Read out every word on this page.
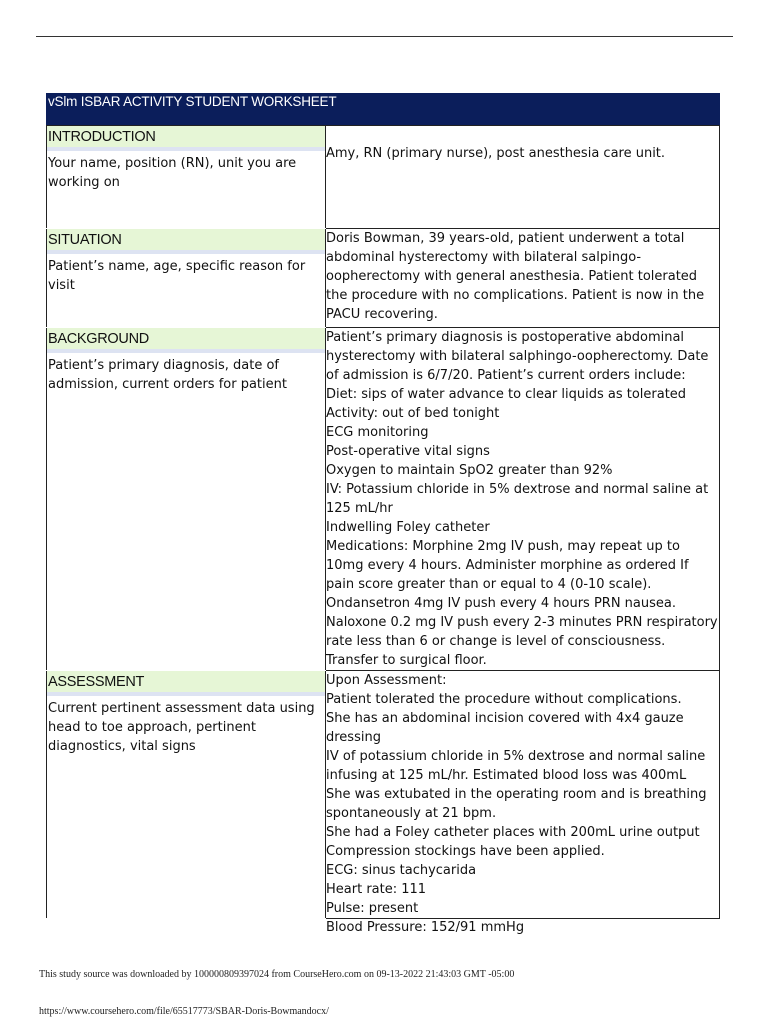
vSlm ISBAR ACTIVITY STUDENT WORKSHEET
INTRODUCTION
Your name, position (RN), unit you are working on
Amy, RN (primary nurse), post anesthesia care unit.
SITUATION
Patient’s name, age, specific reason for visit
Doris Bowman, 39 years-old, patient underwent a total abdominal hysterectomy with bilateral salpingo-oopherectomy with general anesthesia. Patient tolerated the procedure with no complications. Patient is now in the PACU recovering.
BACKGROUND
Patient’s primary diagnosis, date of admission, current orders for patient
Patient’s primary diagnosis is postoperative abdominal hysterectomy with bilateral salphingo-oopherectomy. Date of admission is 6/7/20. Patient’s current orders include:
Diet: sips of water advance to clear liquids as tolerated
Activity: out of bed tonight
ECG monitoring
Post-operative vital signs
Oxygen to maintain SpO2 greater than 92%
IV: Potassium chloride in 5% dextrose and normal saline at 125 mL/hr
Indwelling Foley catheter
Medications: Morphine 2mg IV push, may repeat up to 10mg every 4 hours. Administer morphine as ordered If pain score greater than or equal to 4 (0-10 scale). Ondansetron 4mg IV push every 4 hours PRN nausea. Naloxone 0.2 mg IV push every 2-3 minutes PRN respiratory rate less than 6 or change is level of consciousness.
Transfer to surgical floor.
ASSESSMENT
Current pertinent assessment data using head to toe approach, pertinent diagnostics, vital signs
Upon Assessment:
Patient tolerated the procedure without complications.
She has an abdominal incision covered with 4x4 gauze dressing
IV of potassium chloride in 5% dextrose and normal saline infusing at 125 mL/hr. Estimated blood loss was 400mL
She was extubated in the operating room and is breathing spontaneously at 21 bpm.
She had a Foley catheter places with 200mL urine output
Compression stockings have been applied.
ECG: sinus tachycarida
Heart rate: 111
Pulse: present
Blood Pressure: 152/91 mmHg
This study source was downloaded by 100000809397024 from CourseHero.com on 09-13-2022 21:43:03 GMT -05:00
https://www.coursehero.com/file/65517773/SBAR-Doris-Bowmandocx/
